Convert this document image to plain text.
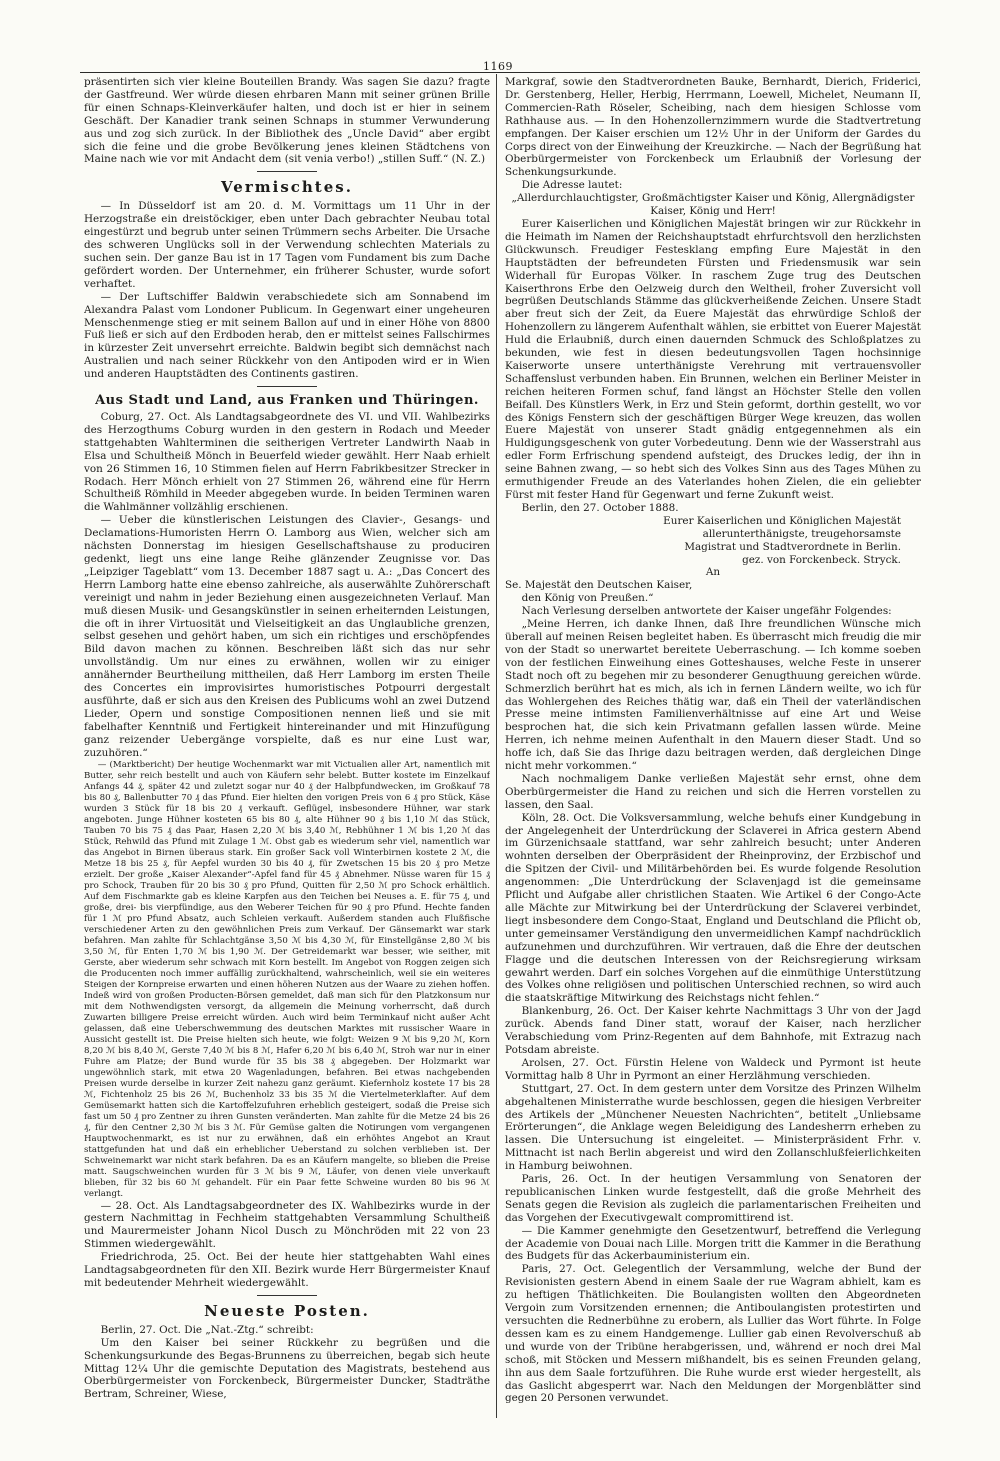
1169

präsentirten sich vier kleine Bouteillen Brandy. Was sagen Sie dazu? fragte der Gastfreund. Wer würde diesen ehrbaren Mann mit seiner grünen Brille für einen Schnaps-Kleinverkäufer halten, und doch ist er hier in seinem Geschäft. Der Kanadier trank seinen Schnaps in stummer Verwunderung aus und zog sich zurück. In der Bibliothek des „Uncle David“ aber ergibt sich die feine und die grobe Bevölkerung jenes kleinen Städtchens von Maine nach wie vor mit Andacht dem (sit venia verbo!) „stillen Suff.“ (N. Z.)

Vermischtes.

— In Düsseldorf ist am 20. d. M. Vormittags um 11 Uhr in der Herzogstraße ein dreistöckiger, eben unter Dach gebrachter Neubau total eingestürzt und begrub unter seinen Trümmern sechs Arbeiter. Die Ursache des schweren Unglücks soll in der Verwendung schlechten Materials zu suchen sein. Der ganze Bau ist in 17 Tagen vom Fundament bis zum Dache gefördert worden. Der Unternehmer, ein früherer Schuster, wurde sofort verhaftet.

— Der Luftschiffer Baldwin verabschiedete sich am Sonnabend im Alexandra Palast vom Londoner Publicum. In Gegenwart einer ungeheuren Menschenmenge stieg er mit seinem Ballon auf und in einer Höhe von 8800 Fuß ließ er sich auf den Erdboden herab, den er mittelst seines Fallschirmes in kürzester Zeit unversehrt erreichte. Baldwin begibt sich demnächst nach Australien und nach seiner Rückkehr von den Antipoden wird er in Wien und anderen Hauptstädten des Continents gastiren.

Aus Stadt und Land, aus Franken und Thüringen.

Coburg, 27. Oct. Als Landtagsabgeordnete des VI. und VII. Wahlbezirks des Herzogthums Coburg wurden in den gestern in Rodach und Meeder stattgehabten Wahlterminen die seitherigen Vertreter Landwirth Naab in Elsa und Schultheiß Mönch in Beuerfeld wieder gewählt. Herr Naab erhielt von 26 Stimmen 16, 10 Stimmen fielen auf Herrn Fabrikbesitzer Strecker in Rodach. Herr Mönch erhielt von 27 Stimmen 26, während eine für Herrn Schultheiß Römhild in Meeder abgegeben wurde. In beiden Terminen waren die Wahlmänner vollzählig erschienen.

— Ueber die künstlerischen Leistungen des Clavier-, Gesangs- und Declamations-Humoristen Herrn O. Lamborg aus Wien, welcher sich am nächsten Donnerstag im hiesigen Gesellschaftshause zu produciren gedenkt, liegt uns eine lange Reihe glänzender Zeugnisse vor. Das „Leipziger Tageblatt“ vom 13. December 1887 sagt u. A.: „Das Concert des Herrn Lamborg hatte eine ebenso zahlreiche, als auserwählte Zuhörerschaft vereinigt und nahm in jeder Beziehung einen ausgezeichneten Verlauf. Man muß diesen Musik- und Gesangskünstler in seinen erheiternden Leistungen, die oft in ihrer Virtuosität und Vielseitigkeit an das Unglaubliche grenzen, selbst gesehen und gehört haben, um sich ein richtiges und erschöpfendes Bild davon machen zu können. Beschreiben läßt sich das nur sehr unvollständig. Um nur eines zu erwähnen, wollen wir zu einiger annähernder Beurtheilung mittheilen, daß Herr Lamborg im ersten Theile des Concertes ein improvisirtes humoristisches Potpourri dergestalt ausführte, daß er sich aus den Kreisen des Publicums wohl an zwei Dutzend Lieder, Opern und sonstige Compositionen nennen ließ und sie mit fabelhafter Kenntniß und Fertigkeit hintereinander und mit Hinzufügung ganz reizender Uebergänge vorspielte, daß es nur eine Lust war, zuzuhören.“

— (Marktbericht) Der heutige Wochenmarkt war mit Victualien aller Art, namentlich mit Butter, sehr reich bestellt und auch von Käufern sehr belebt. Butter kostete im Einzelkauf Anfangs 44 ₰, später 42 und zuletzt sogar nur 40 ₰ der Halbpfundwecken, im Großkauf 78 bis 80 ₰, Ballenbutter 70 ₰ das Pfund. Eier hielten den vorigen Preis von 6 ₰ pro Stück, Käse wurden 3 Stück für 18 bis 20 ₰ verkauft. Geflügel, insbesondere Hühner, war stark angeboten. Junge Hühner kosteten 65 bis 80 ₰, alte Hühner 90 ₰ bis 1,10 ℳ das Stück, Tauben 70 bis 75 ₰ das Paar, Hasen 2,20 ℳ bis 3,40 ℳ, Rebhühner 1 ℳ bis 1,20 ℳ das Stück, Rehwild das Pfund mit Zulage 1 ℳ. Obst gab es wiederum sehr viel, namentlich war das Angebot in Birnen überaus stark. Ein großer Sack voll Winterbirnen kostete 2 ℳ, die Metze 18 bis 25 ₰, für Aepfel wurden 30 bis 40 ₰, für Zwetschen 15 bis 20 ₰ pro Metze erzielt. Der große „Kaiser Alexander“-Apfel fand für 45 ₰ Abnehmer. Nüsse waren für 15 ₰ pro Schock, Trauben für 20 bis 30 ₰ pro Pfund, Quitten für 2,50 ℳ pro Schock erhältlich. Auf dem Fischmarkte gab es kleine Karpfen aus den Teichen bei Neuses a. E. für 75 ₰, und große, drei- bis vierpfündige, aus den Weberer Teichen für 90 ₰ pro Pfund. Hechte fanden für 1 ℳ pro Pfund Absatz, auch Schleien verkauft. Außerdem standen auch Flußfische verschiedener Arten zu den gewöhnlichen Preis zum Verkauf. Der Gänsemarkt war stark befahren. Man zahlte für Schlachtgänse 3,50 ℳ bis 4,30 ℳ, für Einstellgänse 2,80 ℳ bis 3,50 ℳ, für Enten 1,70 ℳ bis 1,90 ℳ. Der Getreidemarkt war besser, wie seither, mit Gerste, aber wiederum sehr schwach mit Korn bestellt. Im Angebot von Roggen zeigen sich die Producenten noch immer auffällig zurückhaltend, wahrscheinlich, weil sie ein weiteres Steigen der Kornpreise erwarten und einen höheren Nutzen aus der Waare zu ziehen hoffen. Indeß wird von großen Producten-Börsen gemeldet, daß man sich für den Platzkonsum nur mit dem Nothwendigsten versorgt, da allgemein die Meinung vorherrscht, daß durch Zuwarten billigere Preise erreicht würden. Auch wird beim Terminkauf nicht außer Acht gelassen, daß eine Ueberschwemmung des deutschen Marktes mit russischer Waare in Aussicht gestellt ist. Die Preise hielten sich heute, wie folgt: Weizen 9 ℳ bis 9,20 ℳ, Korn 8,20 ℳ bis 8,40 ℳ, Gerste 7,40 ℳ bis 8 ℳ, Hafer 6,20 ℳ bis 6,40 ℳ, Stroh war nur in einer Fuhre am Platze; der Bund wurde für 35 bis 38 ₰ abgegeben. Der Holzmarkt war ungewöhnlich stark, mit etwa 20 Wagenladungen, befahren. Bei etwas nachgebenden Preisen wurde derselbe in kurzer Zeit nahezu ganz geräumt. Kiefernholz kostete 17 bis 28 ℳ, Fichtenholz 25 bis 26 ℳ, Buchenholz 33 bis 35 ℳ die Viertelmeterklafter. Auf dem Gemüsemarkt hatten sich die Kartoffelzufuhren erheblich gesteigert, sodaß die Preise sich fast um 50 ₰ pro Zentner zu ihren Gunsten veränderten. Man zahlte für die Metze 24 bis 26 ₰, für den Centner 2,30 ℳ bis 3 ℳ. Für Gemüse galten die Notirungen vom vergangenen Hauptwochenmarkt, es ist nur zu erwähnen, daß ein erhöhtes Angebot an Kraut stattgefunden hat und daß ein erheblicher Ueberstand zu solchen verblieben ist. Der Schweinemarkt war nicht stark befahren. Da es an Käufern mangelte, so blieben die Preise matt. Saugschweinchen wurden für 3 ℳ bis 9 ℳ, Läufer, von denen viele unverkauft blieben, für 32 bis 60 ℳ gehandelt. Für ein Paar fette Schweine wurden 80 bis 96 ℳ verlangt.

— 28. Oct. Als Landtagsabgeordneter des IX. Wahlbezirks wurde in der gestern Nachmittag in Fechheim stattgehabten Versammlung Schultheiß und Maurermeister Johann Nicol Dusch zu Mönchröden mit 22 von 23 Stimmen wiedergewählt.

Friedrichroda, 25. Oct. Bei der heute hier stattgehabten Wahl eines Landtagsabgeordneten für den XII. Bezirk wurde Herr Bürgermeister Knauf mit bedeutender Mehrheit wiedergewählt.

Neueste Posten.

Berlin, 27. Oct. Die „Nat.-Ztg.“ schreibt:

Um den Kaiser bei seiner Rückkehr zu begrüßen und die Schenkungsurkunde des Begas-Brunnens zu überreichen, begab sich heute Mittag 12¼ Uhr die gemischte Deputation des Magistrats, bestehend aus Oberbürgermeister von Forckenbeck, Bürgermeister Duncker, Stadträthe Bertram, Schreiner, Wiese,

Markgraf, sowie den Stadtverordneten Bauke, Bernhardt, Dierich, Friderici, Dr. Gerstenberg, Heller, Herbig, Herrmann, Loewell, Michelet, Neumann II, Commercien-Rath Röseler, Scheibing, nach dem hiesigen Schlosse vom Rathhause aus. — In den Hohenzollernzimmern wurde die Stadtvertretung empfangen. Der Kaiser erschien um 12½ Uhr in der Uniform der Gardes du Corps direct von der Einweihung der Kreuzkirche. — Nach der Begrüßung hat Oberbürgermeister von Forckenbeck um Erlaubniß der Vorlesung der Schenkungsurkunde.

Die Adresse lautet:

„Allerdurchlauchtigster, Großmächtigster Kaiser und König, Allergnädigster Kaiser, König und Herr!

Eurer Kaiserlichen und Königlichen Majestät bringen wir zur Rückkehr in die Heimath im Namen der Reichshauptstadt ehrfurchtsvoll den herzlichsten Glückwunsch. Freudiger Festesklang empfing Eure Majestät in den Hauptstädten der befreundeten Fürsten und Friedensmusik war sein Widerhall für Europas Völker. In raschem Zuge trug des Deutschen Kaiserthrons Erbe den Oelzweig durch den Weltheil, froher Zuversicht voll begrüßen Deutschlands Stämme das glückverheißende Zeichen. Unsere Stadt aber freut sich der Zeit, da Euere Majestät das ehrwürdige Schloß der Hohenzollern zu längerem Aufenthalt wählen, sie erbittet von Euerer Majestät Huld die Erlaubniß, durch einen dauernden Schmuck des Schloßplatzes zu bekunden, wie fest in diesen bedeutungsvollen Tagen hochsinnige Kaiserworte unsere unterthänigste Verehrung mit vertrauensvoller Schaffenslust verbunden haben. Ein Brunnen, welchen ein Berliner Meister in reichen heiteren Formen schuf, fand längst an Höchster Stelle den vollen Beifall. Des Künstlers Werk, in Erz und Stein geformt, dorthin gestellt, wo vor des Königs Fenstern sich der geschäftigen Bürger Wege kreuzen, das wollen Euere Majestät von unserer Stadt gnädig entgegennehmen als ein Huldigungsgeschenk von guter Vorbedeutung. Denn wie der Wasserstrahl aus edler Form Erfrischung spendend aufsteigt, des Druckes ledig, der ihn in seine Bahnen zwang, — so hebt sich des Volkes Sinn aus des Tages Mühen zu ermuthigender Freude an des Vaterlandes hohen Zielen, die ein geliebter Fürst mit fester Hand für Gegenwart und ferne Zukunft weist.

Berlin, den 27. October 1888.

Eurer Kaiserlichen und Königlichen Majestät

allerunterthänigste, treugehorsamste

Magistrat und Stadtverordnete in Berlin.

gez. von Forckenbeck. Stryck.

An

Se. Majestät den Deutschen Kaiser,

den König von Preußen.“

Nach Verlesung derselben antwortete der Kaiser ungefähr Folgendes:

„Meine Herren, ich danke Ihnen, daß Ihre freundlichen Wünsche mich überall auf meinen Reisen begleitet haben. Es überrascht mich freudig die mir von der Stadt so unerwartet bereitete Ueberraschung. — Ich komme soeben von der festlichen Einweihung eines Gotteshauses, welche Feste in unserer Stadt noch oft zu begehen mir zu besonderer Genugthuung gereichen würde. Schmerzlich berührt hat es mich, als ich in fernen Ländern weilte, wo ich für das Wohlergehen des Reiches thätig war, daß ein Theil der vaterländischen Presse meine intimsten Familienverhältnisse auf eine Art und Weise besprochen hat, die sich kein Privatmann gefallen lassen würde. Meine Herren, ich nehme meinen Aufenthalt in den Mauern dieser Stadt. Und so hoffe ich, daß Sie das Ihrige dazu beitragen werden, daß dergleichen Dinge nicht mehr vorkommen.“

Nach nochmaligem Danke verließen Majestät sehr ernst, ohne dem Oberbürgermeister die Hand zu reichen und sich die Herren vorstellen zu lassen, den Saal.

Köln, 28. Oct. Die Volksversammlung, welche behufs einer Kundgebung in der Angelegenheit der Unterdrückung der Sclaverei in Africa gestern Abend im Gürzenichsaale stattfand, war sehr zahlreich besucht; unter Anderen wohnten derselben der Oberpräsident der Rheinprovinz, der Erzbischof und die Spitzen der Civil- und Militärbehörden bei. Es wurde folgende Resolution angenommen: „Die Unterdrückung der Sclavenjagd ist die gemeinsame Pflicht und Aufgabe aller christlichen Staaten. Wie Artikel 6 der Congo-Acte alle Mächte zur Mitwirkung bei der Unterdrückung der Sclaverei verbindet, liegt insbesondere dem Congo-Staat, England und Deutschland die Pflicht ob, unter gemeinsamer Verständigung den unvermeidlichen Kampf nachdrücklich aufzunehmen und durchzuführen. Wir vertrauen, daß die Ehre der deutschen Flagge und die deutschen Interessen von der Reichsregierung wirksam gewahrt werden. Darf ein solches Vorgehen auf die einmüthige Unterstützung des Volkes ohne religiösen und politischen Unterschied rechnen, so wird auch die staatskräftige Mitwirkung des Reichstags nicht fehlen.“

Blankenburg, 26. Oct. Der Kaiser kehrte Nachmittags 3 Uhr von der Jagd zurück. Abends fand Diner statt, worauf der Kaiser, nach herzlicher Verabschiedung vom Prinz-Regenten auf dem Bahnhofe, mit Extrazug nach Potsdam abreiste.

Arolsen, 27. Oct. Fürstin Helene von Waldeck und Pyrmont ist heute Vormittag halb 8 Uhr in Pyrmont an einer Herzlähmung verschieden.

Stuttgart, 27. Oct. In dem gestern unter dem Vorsitze des Prinzen Wilhelm abgehaltenen Ministerrathe wurde beschlossen, gegen die hiesigen Verbreiter des Artikels der „Münchener Neuesten Nachrichten“, betitelt „Unliebsame Erörterungen“, die Anklage wegen Beleidigung des Landesherrn erheben zu lassen. Die Untersuchung ist eingeleitet. — Ministerpräsident Frhr. v. Mittnacht ist nach Berlin abgereist und wird den Zollanschlußfeierlichkeiten in Hamburg beiwohnen.

Paris, 26. Oct. In der heutigen Versammlung von Senatoren der republicanischen Linken wurde festgestellt, daß die große Mehrheit des Senats gegen die Revision als zugleich die parlamentarischen Freiheiten und das Vorgehen der Executivgewalt compromittirend ist.

— Die Kammer genehmigte den Gesetzentwurf, betreffend die Verlegung der Academie von Douai nach Lille. Morgen tritt die Kammer in die Berathung des Budgets für das Ackerbauministerium ein.

Paris, 27. Oct. Gelegentlich der Versammlung, welche der Bund der Revisionisten gestern Abend in einem Saale der rue Wagram abhielt, kam es zu heftigen Thätlichkeiten. Die Boulangisten wollten den Abgeordneten Vergoin zum Vorsitzenden ernennen; die Antiboulangisten protestirten und versuchten die Rednerbühne zu erobern, als Lullier das Wort führte. In Folge dessen kam es zu einem Handgemenge. Lullier gab einen Revolverschuß ab und wurde von der Tribüne herabgerissen, und, während er noch drei Mal schoß, mit Stöcken und Messern mißhandelt, bis es seinen Freunden gelang, ihn aus dem Saale fortzuführen. Die Ruhe wurde erst wieder hergestellt, als das Gaslicht abgesperrt war. Nach den Meldungen der Morgenblätter sind gegen 20 Personen verwundet.
